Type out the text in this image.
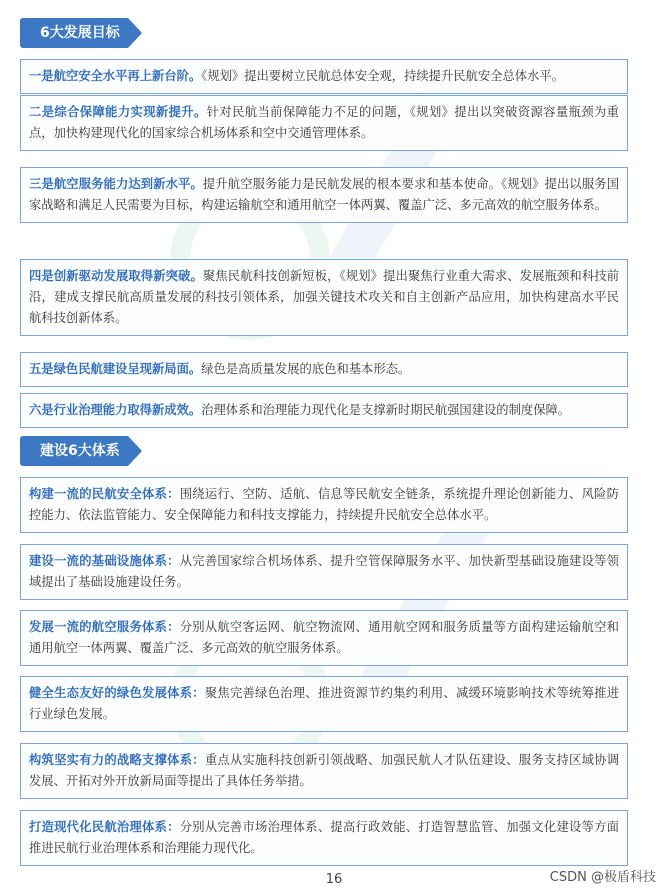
6大发展目标
一是航空安全水平再上新台阶。《规划》提出要树立民航总体安全观，持续提升民航安全总体水平。
二是综合保障能力实现新提升。针对民航当前保障能力不足的问题，《规划》提出以突破资源容量瓶颈为重点，加快构建现代化的国家综合机场体系和空中交通管理体系。
三是航空服务能力达到新水平。提升航空服务能力是民航发展的根本要求和基本使命。《规划》提出以服务国家战略和满足人民需要为目标，构建运输航空和通用航空一体两翼、覆盖广泛、多元高效的航空服务体系。
四是创新驱动发展取得新突破。聚焦民航科技创新短板，《规划》提出聚焦行业重大需求、发展瓶颈和科技前沿，建成支撑民航高质量发展的科技引领体系，加强关键技术攻关和自主创新产品应用，加快构建高水平民航科技创新体系。
五是绿色民航建设呈现新局面。绿色是高质量发展的底色和基本形态。
六是行业治理能力取得新成效。治理体系和治理能力现代化是支撑新时期民航强国建设的制度保障。
建设6大体系
构建一流的民航安全体系：围绕运行、空防、适航、信息等民航安全链条，系统提升理论创新能力、风险防控能力、依法监管能力、安全保障能力和科技支撑能力，持续提升民航安全总体水平。
建设一流的基础设施体系：从完善国家综合机场体系、提升空管保障服务水平、加快新型基础设施建设等领域提出了基础设施建设任务。
发展一流的航空服务体系：分别从航空客运网、航空物流网、通用航空网和服务质量等方面构建运输航空和通用航空一体两翼、覆盖广泛、多元高效的航空服务体系。
健全生态友好的绿色发展体系：聚焦完善绿色治理、推进资源节约集约利用、减缓环境影响技术等统筹推进行业绿色发展。
构筑坚实有力的战略支撑体系：重点从实施科技创新引领战略、加强民航人才队伍建设、服务支持区域协调发展、开拓对外开放新局面等提出了具体任务举措。
打造现代化民航治理体系：分别从完善市场治理体系、提高行政效能、打造智慧监管、加强文化建设等方面推进民航行业治理体系和治理能力现代化。
16	CSDN @极盾科技
